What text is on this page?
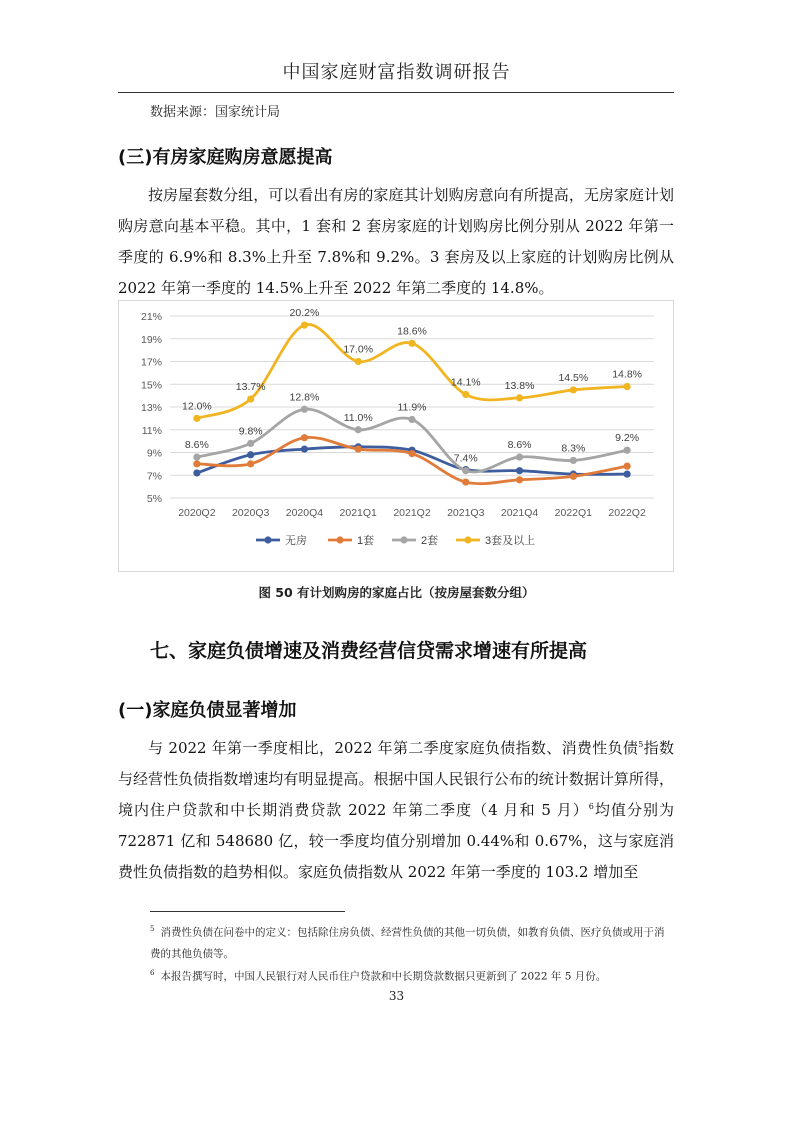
中国家庭财富指数调研报告
数据来源：国家统计局
(三)有房家庭购房意愿提高
按房屋套数分组，可以看出有房的家庭其计划购房意向有所提高，无房家庭计划购房意向基本平稳。其中，1 套和 2 套房家庭的计划购房比例分别从 2022 年第一季度的 6.9%和 8.3%上升至 7.8%和 9.2%。3 套房及以上家庭的计划购房比例从 2022 年第一季度的 14.5%上升至 2022 年第二季度的 14.8%。
5%
7%
9%
11%
13%
15%
17%
19%
21%
2020Q2 2020Q3 2020Q4 2021Q1 2021Q2 2021Q3 2021Q4 2022Q1 2022Q2
8.6%
9.8%
12.8%
11.0%
11.9%
7.4%
8.6%	8.3%
9.2%
12.0%
13.7%
20.2%
17.0%
18.6%
14.1% 13.8%
14.5% 14.8%
无房	1套	2套	3套及以上
图 50 有计划购房的家庭占比（按房屋套数分组）
七、家庭负债增速及消费经营信贷需求增速有所提高
(一)家庭负债显著增加
与 2022 年第一季度相比，2022 年第二季度家庭负债指数、消费性负债$^5$指数与经营性负债指数增速均有明显提高。根据中国人民银行公布的统计数据计算所得，境内住户贷款和中长期消费贷款 2022 年第二季度（4 月和 5 月）$^6$均值分别为 722871 亿和 548680 亿，较一季度均值分别增加 0.44%和 0.67%，这与家庭消费性负债指数的趋势相似。家庭负债指数从 2022 年第一季度的 103.2 增加至
$^5$ 消费性负债在问卷中的定义：包括除住房负债、经营性负债的其他一切负债，如教育负债、医疗负债或用于消费的其他负债等。
$^6$ 本报告撰写时，中国人民银行对人民币住户贷款和中长期贷款数据只更新到了 2022 年 5 月份。
33
